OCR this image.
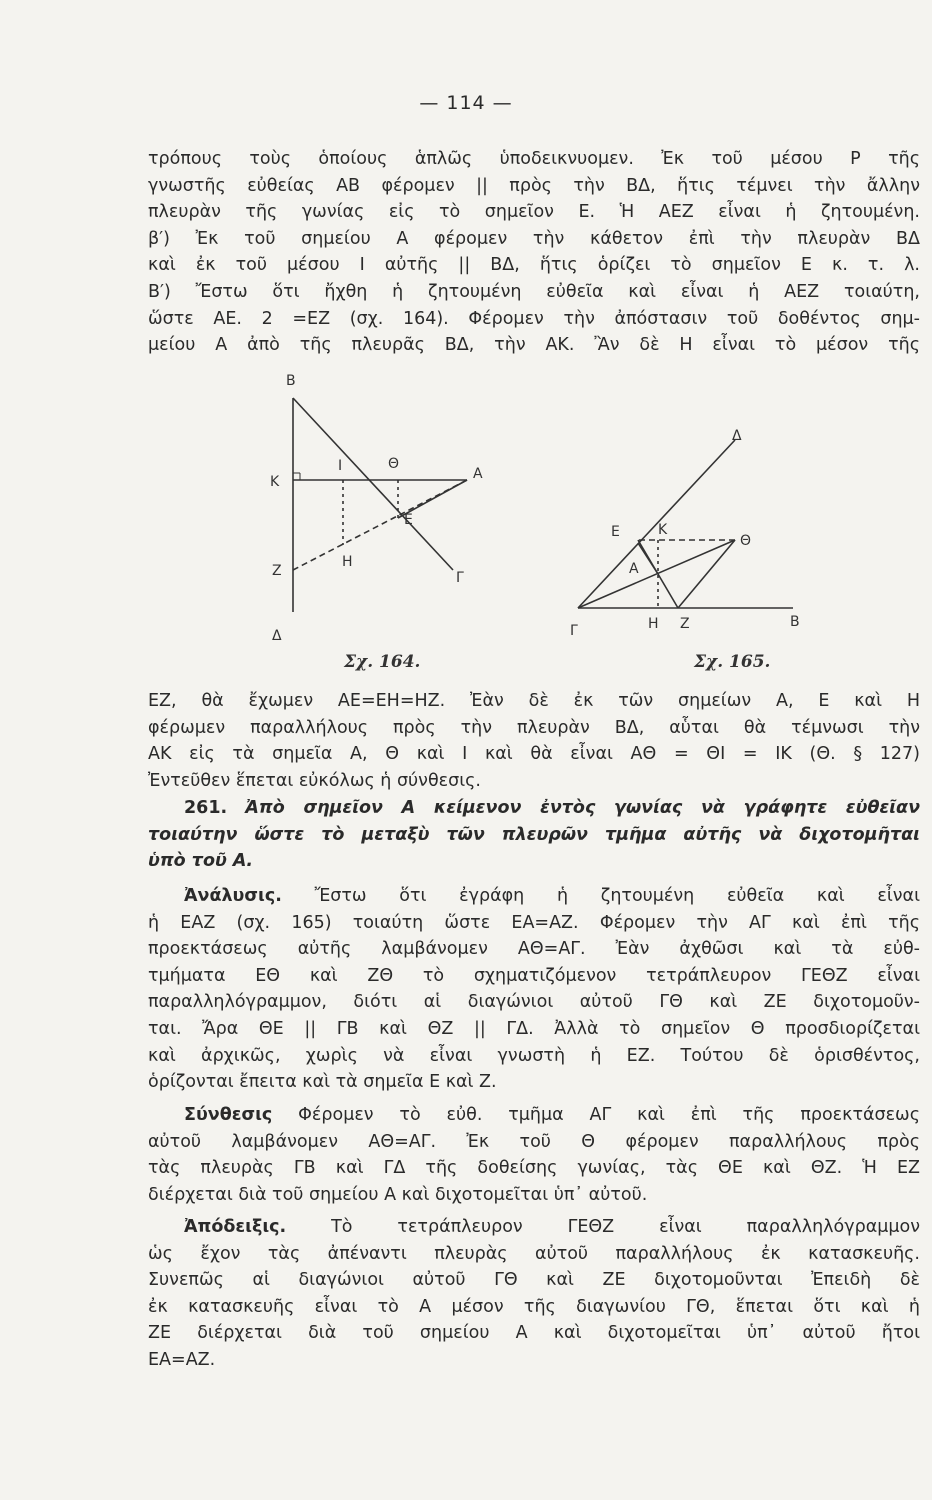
— 114 —
τρόπους τοὺς ὁποίους ἁπλῶς ὑποδεικνυομεν. Ἐκ τοῦ μέσου Ρ τῆς
γνωστῆς εὐθείας ΑΒ φέρομεν || πρὸς τὴν ΒΔ, ἥτις τέμνει τὴν ἄλλην
πλευρὰν τῆς γωνίας εἰς τὸ σημεῖον Ε. Ἡ ΑΕΖ εἶναι ἡ ζητουμένη.
β′) Ἐκ τοῦ σημείου Α φέρομεν τὴν κάθετον ἐπὶ τὴν πλευρὰν ΒΔ
καὶ ἐκ τοῦ μέσου Ι αὐτῆς || ΒΔ, ἥτις ὁρίζει τὸ σημεῖον Ε κ. τ. λ.
Β′) Ἔστω ὅτι ἤχθη ἡ ζητουμένη εὐθεῖα καὶ εἶναι ἡ ΑΕΖ τοιαύτη,
ὥστε ΑΕ. 2 =ΕΖ (σχ. 164). Φέρομεν τὴν ἀπόστασιν τοῦ δοθέντος σημ-
μείου Α ἀπὸ τῆς πλευρᾶς ΒΔ, τὴν ΑΚ. Ἂν δὲ Η εἶναι τὸ μέσον τῆς
Β
Κ
Ι	Θ
Α
Ε
Ζ
Η
Γ
Δ
Σχ. 164.
Δ
Ε	Κ
Θ
Α
Γ	Η Ζ	Β
Σχ. 165.
ΕΖ, θὰ ἔχωμεν ΑΕ=ΕΗ=ΗΖ. Ἐὰν δὲ ἐκ τῶν σημείων Α, Ε καὶ Η
φέρωμεν παραλλήλους πρὸς τὴν πλευρὰν ΒΔ, αὗται θὰ τέμνωσι τὴν
ΑΚ εἰς τὰ σημεῖα Α, Θ καὶ Ι καὶ θὰ εἶναι ΑΘ = ΘΙ = ΙΚ (Θ. § 127)
Ἐντεῦθεν ἕπεται εὐκόλως ἡ σύνθεσις.
261. Ἀπὸ σημεῖον Α κείμενον ἐντὸς γωνίας νὰ γράφητε εὐθεῖαν
τοιαύτην ὥστε τὸ μεταξὺ τῶν πλευρῶν τμῆμα αὐτῆς νὰ διχοτομῆται
ὑπὸ τοῦ Α.
Ἀνάλυσις. Ἔστω ὅτι ἐγράφη ἡ ζητουμένη εὐθεῖα καὶ εἶναι
ἡ ΕΑΖ (σχ. 165) τοιαύτη ὥστε ΕΑ=ΑΖ. Φέρομεν τὴν ΑΓ καὶ ἐπὶ τῆς
προεκτάσεως αὐτῆς λαμβάνομεν ΑΘ=ΑΓ. Ἐὰν ἀχθῶσι καὶ τὰ εὐθ-
τμήματα ΕΘ καὶ ΖΘ τὸ σχηματιζόμενον τετράπλευρον ΓΕΘΖ εἶναι
παραλληλόγραμμον, διότι αἱ διαγώνιοι αὐτοῦ ΓΘ καὶ ΖΕ διχοτομοῦν-
ται. Ἄρα ΘΕ || ΓΒ καὶ ΘΖ || ΓΔ. Ἀλλὰ τὸ σημεῖον Θ προσδιορίζεται
καὶ ἀρχικῶς, χωρὶς νὰ εἶναι γνωστὴ ἡ ΕΖ. Τούτου δὲ ὁρισθέντος,
ὁρίζονται ἔπειτα καὶ τὰ σημεῖα Ε καὶ Ζ.
Σύνθεσις Φέρομεν τὸ εὐθ. τμῆμα ΑΓ καὶ ἐπὶ τῆς προεκτάσεως
αὐτοῦ λαμβάνομεν ΑΘ=ΑΓ. Ἐκ τοῦ Θ φέρομεν παραλλήλους πρὸς
τὰς πλευρὰς ΓΒ καὶ ΓΔ τῆς δοθείσης γωνίας, τὰς ΘΕ καὶ ΘΖ. Ἡ ΕΖ
διέρχεται διὰ τοῦ σημείου Α καὶ διχοτομεῖται ὑπ᾽ αὐτοῦ.
Ἀπόδειξις.	Τὸ τετράπλευρον ΓΕΘΖ εἶναι παραλληλόγραμμον
ὡς ἔχον τὰς ἀπέναντι πλευρὰς αὐτοῦ παραλλήλους ἐκ κατασκευῆς.
Συνεπῶς αἱ διαγώνιοι αὐτοῦ ΓΘ καὶ ΖΕ διχοτομοῦνται Ἐπειδὴ δὲ
ἐκ κατασκευῆς εἶναι τὸ Α μέσον τῆς διαγωνίου ΓΘ, ἕπεται ὅτι καὶ ἡ
ΖΕ διέρχεται διὰ τοῦ σημείου Α καὶ διχοτομεῖται ὑπ᾽ αὐτοῦ ἤτοι
ΕΑ=ΑΖ.
